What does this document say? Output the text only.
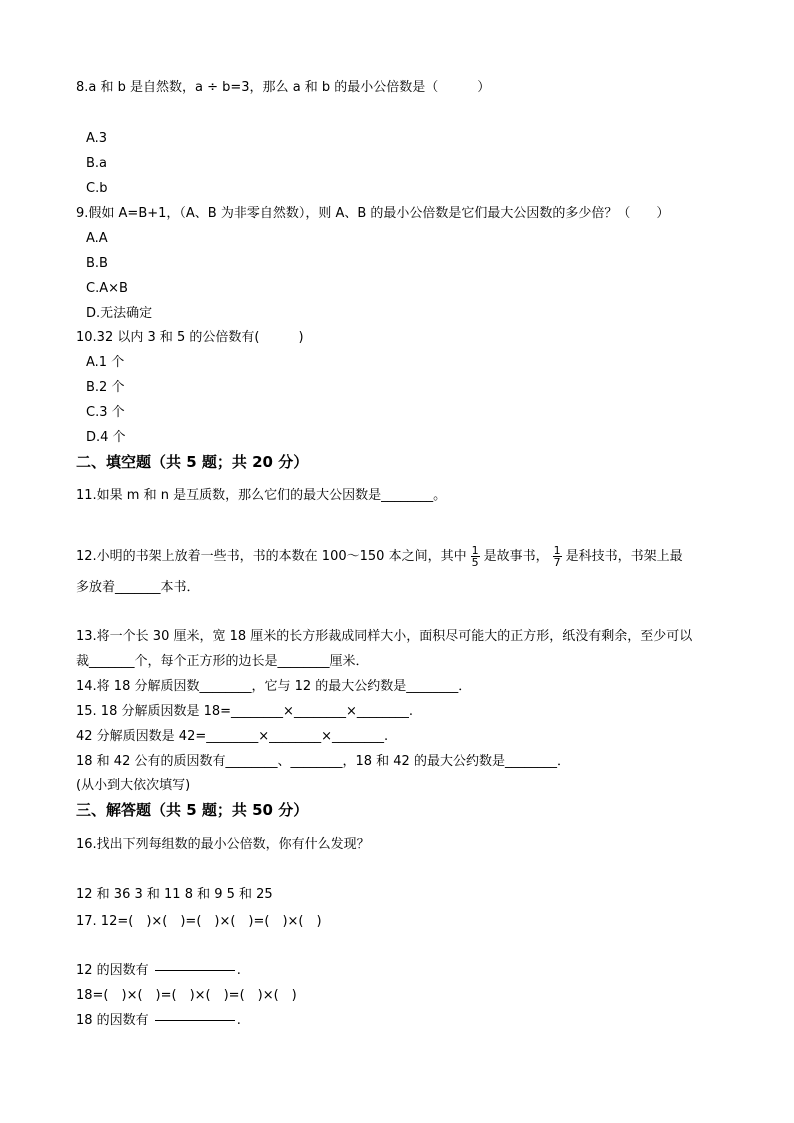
8.a 和 b 是自然数，a ÷ b=3，那么 a 和 b 的最小公倍数是（　　　）
A.3
B.a
C.b
9.假如 A=B+1，（A、B 为非零自然数），则 A、B 的最小公倍数是它们最大公因数的多少倍？（　　）
A.A
B.B
C.A×B
D.无法确定
10.32 以内 3 和 5 的公倍数有(　　　)
A.1 个
B.2 个
C.3 个
D.4 个
二、填空题（共 5 题；共 20 分）
11.如果 m 和 n 是互质数，那么它们的最大公因数是________。
12.小明的书架上放着一些书，书的本数在 100～150 本之间，其中 $\frac{1}{5}$ 是故事书， $\frac{1}{7}$ 是科技书，书架上最
多放着_______本书．
13.将一个长 30 厘米，宽 18 厘米的长方形裁成同样大小，面积尽可能大的正方形，纸没有剩余，至少可以
裁_______个，每个正方形的边长是________厘米．
14.将 18 分解质因数________，它与 12 的最大公约数是________．
15. 18 分解质因数是 18=________×________×________.
42 分解质因数是 42=________×________×________.
18 和 42 公有的质因数有________、________，18 和 42 的最大公约数是________．
(从小到大依次填写)
三、解答题（共 5 题；共 50 分）
16.找出下列每组数的最小公倍数，你有什么发现？
12 和 36 3 和 11 8 和 9 5 和 25
17. 12=(　)×(　)=(　)×(　)=(　)×(　)
12 的因数有	.
18=(　)×(　)=(　)×(　)=(　)×(　)
18 的因数有	.
